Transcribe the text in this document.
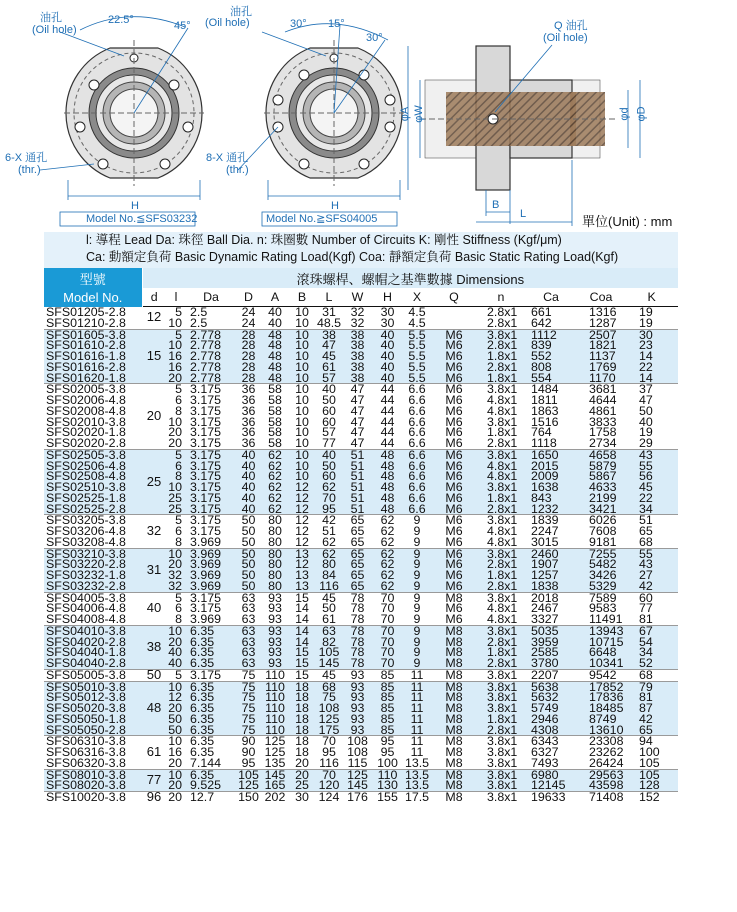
油孔
(Oil hole)
22.5°	45°
油孔
(Oil hole)	30° 15°
30°
Q 油孔
(Oil hole)
6-X 通孔
(thr.)
8-X 通孔
(thr.)
H	H
Model No.≦SFS03232	Model No.≧SFS04005
φA φW	φd φD
B
L	單位(Unit) : mm
l: 導程 Lead Da: 珠徑 Ball Dia. n: 珠圈數 Number of Circuits K: 剛性 Stiffness (Kgf/μm)
Ca: 動額定負荷 Basic Dynamic Rating Load(Kgf) Coa: 靜額定負荷 Basic Static Rating Load(Kgf)
型號	滾珠螺桿、螺帽之基準數據 Dimensions														
Model No.	d	l	Da	D	A	B	L	W	H	X	Q	n	Ca	Coa	K
SFS01205-2.8	12	5	2.5	24	40	10	31	32	30	4.5		2.8x1	661	1316	19
SFS01210-2.8		10	2.5	24	40	10	48.5	32	30	4.5		2.8x1	642	1287	19
SFS01605-3.8	15	5	2.778	28	48	10	38	38	40	5.5	M6	3.8x1	1112	2507	30
SFS01610-2.8		10	2.778	28	48	10	47	38	40	5.5	M6	2.8x1	839	1821	23
SFS01616-1.8		16	2.778	28	48	10	45	38	40	5.5	M6	1.8x1	552	1137	14
SFS01616-2.8		16	2.778	28	48	10	61	38	40	5.5	M6	2.8x1	808	1769	22
SFS01620-1.8		20	2.778	28	48	10	57	38	40	5.5	M6	1.8x1	554	1170	14
SFS02005-3.8	20	5	3.175	36	58	10	40	47	44	6.6	M6	3.8x1	1484	3681	37
SFS02006-4.8		6	3.175	36	58	10	50	47	44	6.6	M6	4.8x1	1811	4644	47
SFS02008-4.8		8	3.175	36	58	10	60	47	44	6.6	M6	4.8x1	1863	4861	50
SFS02010-3.8		10	3.175	36	58	10	60	47	44	6.6	M6	3.8x1	1516	3833	40
SFS02020-1.8		20	3.175	36	58	10	57	47	44	6.6	M6	1.8x1	764	1758	19
SFS02020-2.8		20	3.175	36	58	10	77	47	44	6.6	M6	2.8x1	1118	2734	29
SFS02505-3.8	25	5	3.175	40	62	10	40	51	48	6.6	M6	3.8x1	1650	4658	43
SFS02506-4.8		6	3.175	40	62	10	50	51	48	6.6	M6	4.8x1	2015	5879	55
SFS02508-4.8		8	3.175	40	62	10	60	51	48	6.6	M6	4.8x1	2009	5867	56
SFS02510-3.8		10	3.175	40	62	12	62	51	48	6.6	M6	3.8x1	1638	4633	45
SFS02525-1.8		25	3.175	40	62	12	70	51	48	6.6	M6	1.8x1	843	2199	22
SFS02525-2.8		25	3.175	40	62	12	95	51	48	6.6	M6	2.8x1	1232	3421	34
SFS03205-3.8	32	5	3.175	50	80	12	42	65	62	9	M6	3.8x1	1839	6026	51
SFS03206-4.8		6	3.175	50	80	12	51	65	62	9	M6	4.8x1	2247	7608	65
SFS03208-4.8		8	3.969	50	80	12	62	65	62	9	M6	4.8x1	3015	9181	68
SFS03210-3.8	31	10	3.969	50	80	13	62	65	62	9	M6	3.8x1	2460	7255	55
SFS03220-2.8		20	3.969	50	80	12	80	65	62	9	M6	2.8x1	1907	5482	43
SFS03232-1.8		32	3.969	50	80	13	84	65	62	9	M6	1.8x1	1257	3426	27
SFS03232-2.8		32	3.969	50	80	13	116	65	62	9	M6	2.8x1	1838	5329	42
SFS04005-3.8	40	5	3.175	63	93	15	45	78	70	9	M8	3.8x1	2018	7589	60
SFS04006-4.8		6	3.175	63	93	14	50	78	70	9	M6	4.8x1	2467	9583	77
SFS04008-4.8		8	3.969	63	93	14	61	78	70	9	M6	4.8x1	3327	11491	81
SFS04010-3.8	38	10	6.35	63	93	14	63	78	70	9	M8	3.8x1	5035	13943	67
SFS04020-2.8		20	6.35	63	93	14	82	78	70	9	M8	2.8x1	3959	10715	54
SFS04040-1.8		40	6.35	63	93	15	105	78	70	9	M8	1.8x1	2585	6648	34
SFS04040-2.8		40	6.35	63	93	15	145	78	70	9	M8	2.8x1	3780	10341	52
SFS05005-3.8	50	5	3.175	75	110	15	45	93	85	11	M8	3.8x1	2207	9542	68
SFS05010-3.8	48	10	6.35	75	110	18	68	93	85	11	M8	3.8x1	5638	17852	79
SFS05012-3.8		12	6.35	75	110	18	75	93	85	11	M8	3.8x1	5632	17836	81
SFS05020-3.8		20	6.35	75	110	18	108	93	85	11	M8	3.8x1	5749	18485	87
SFS05050-1.8		50	6.35	75	110	18	125	93	85	11	M8	1.8x1	2946	8749	42
SFS05050-2.8		50	6.35	75	110	18	175	93	85	11	M8	2.8x1	4308	13610	65
SFS06310-3.8	61	10	6.35	90	125	18	70	108	95	11	M8	3.8x1	6343	23308	94
SFS06316-3.8		16	6.35	90	125	18	95	108	95	11	M8	3.8x1	6327	23262	100
SFS06320-3.8		20	7.144	95	135	20	116	115	100	13.5	M8	3.8x1	7493	26424	105
SFS08010-3.8	77	10	6.35	105	145	20	70	125	110	13.5	M8	3.8x1	6980	29563	105
SFS08020-3.8		20	9.525	125	165	25	120	145	130	13.5	M8	3.8x1	12145	43598	128
SFS10020-3.8	96	20	12.7	150	202	30	124	176	155	17.5	M8	3.8x1	19633	71408	152
